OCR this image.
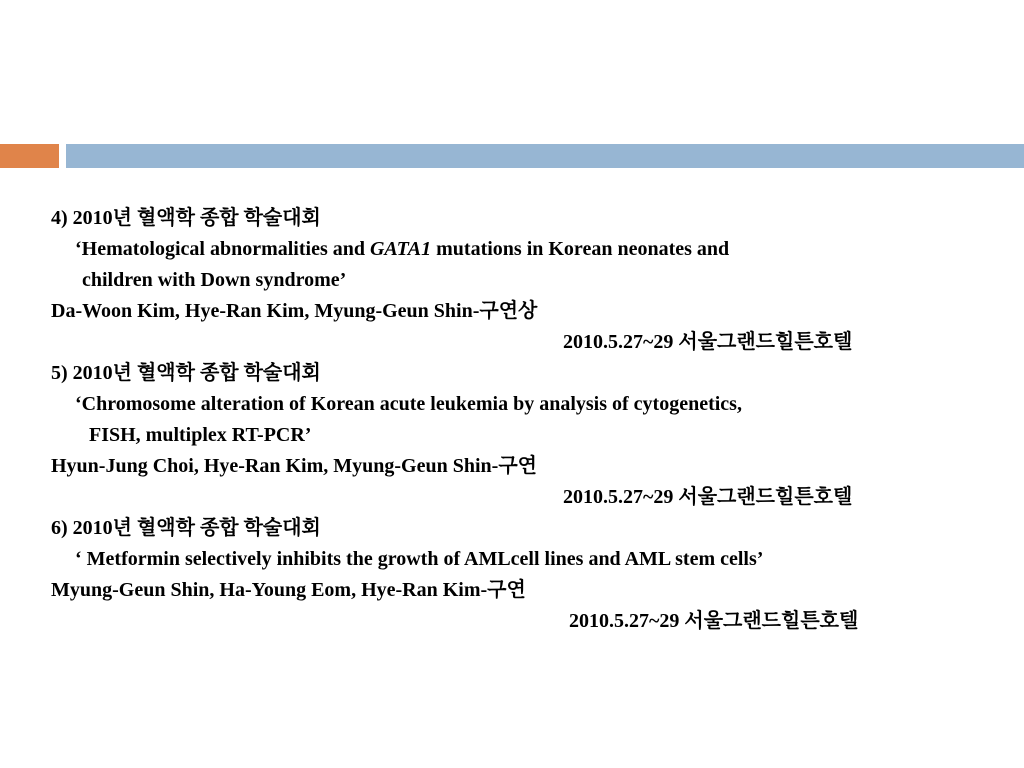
4) 2010년 혈액학 종합 학술대회
‘Hematological abnormalities and GATA1 mutations in Korean neonates and
children with Down syndrome’
Da-Woon Kim, Hye-Ran Kim, Myung-Geun Shin-구연상
2010.5.27~29 서울그랜드힐튼호텔
5) 2010년 혈액학 종합 학술대회
‘Chromosome alteration of Korean acute leukemia by analysis of cytogenetics,
FISH, multiplex RT-PCR’
Hyun-Jung Choi, Hye-Ran Kim, Myung-Geun Shin-구연
2010.5.27~29 서울그랜드힐튼호텔
6) 2010년 혈액학 종합 학술대회
‘ Metformin selectively inhibits the growth of AMLcell lines and AML stem cells’
Myung-Geun Shin, Ha-Young Eom, Hye-Ran Kim-구연
2010.5.27~29 서울그랜드힐튼호텔
